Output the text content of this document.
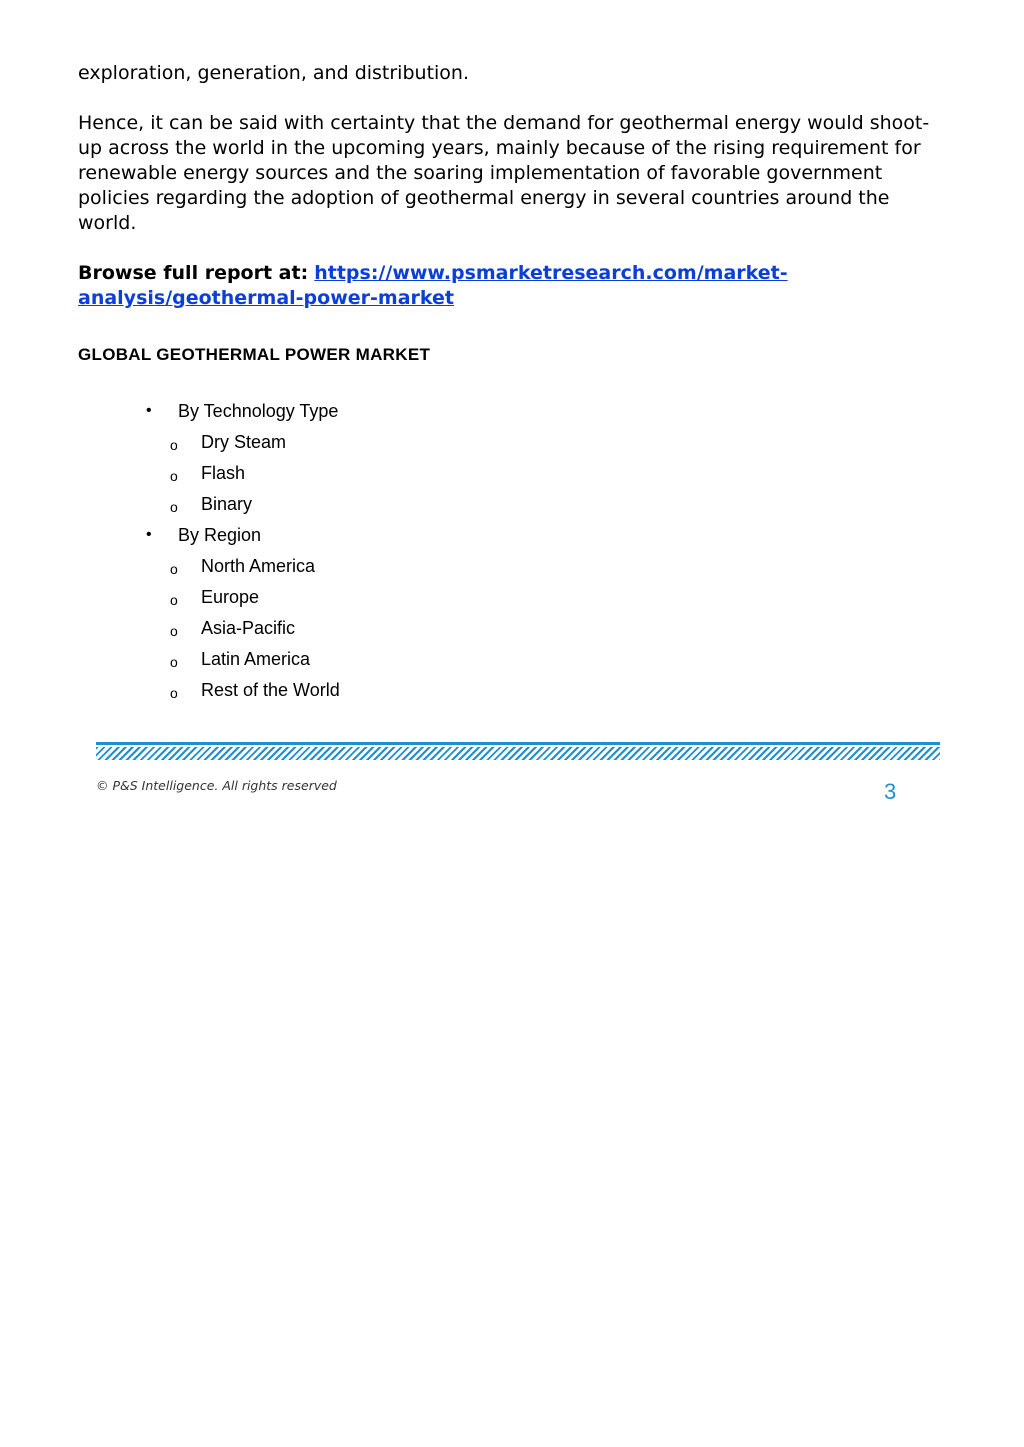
exploration, generation, and distribution.

Hence, it can be said with certainty that the demand for geothermal energy would shoot-up across the world in the upcoming years, mainly because of the rising requirement for renewable energy sources and the soaring implementation of favorable government policies regarding the adoption of geothermal energy in several countries around the world.

Browse full report at: https://www.psmarketresearch.com/market-analysis/geothermal-power-market

GLOBAL GEOTHERMAL POWER MARKET
• By Technology Type
o Dry Steam
o Flash
o Binary
• By Region
o North America
o Europe
o Asia-Pacific
o Latin America
o Rest of the World
© P&S Intelligence. All rights reserved	3
